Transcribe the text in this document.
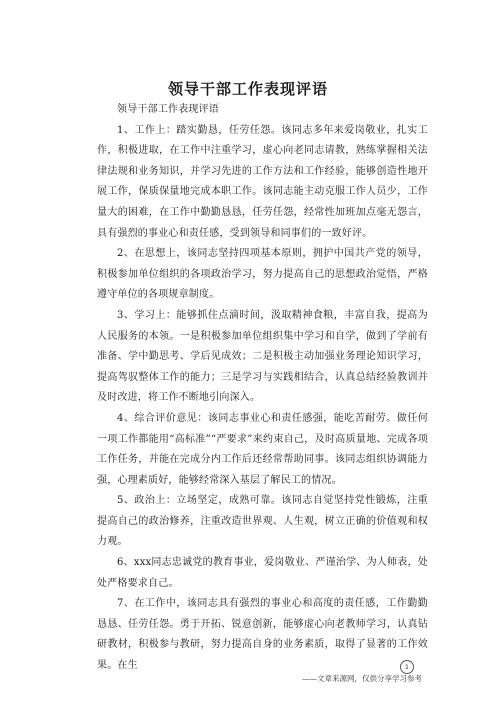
领导干部工作表现评语

领导干部工作表现评语

1、工作上：踏实勤恳，任劳任怨。该同志多年来爱岗敬业，扎实工作，积极进取，在工作中注重学习，虚心向老同志请教，熟练掌握相关法律法规和业务知识，并学习先进的工作方法和工作经验，能够创造性地开展工作，保质保量地完成本职工作。该同志能主动克服工作人员少，工作量大的困难，在工作中勤勤恳恳，任劳任怨，经常性加班加点毫无怨言，具有强烈的事业心和责任感，受到领导和同事们的一致好评。

2、在思想上，该同志坚持四项基本原则，拥护中国共产党的领导，积极参加单位组织的各项政治学习，努力提高自己的思想政治觉悟，严格遵守单位的各项规章制度。

3、学习上：能够抓住点滴时间，汲取精神食粮，丰富自我，提高为人民服务的本领。一是积极参加单位组织集中学习和自学，做到了学前有准备、学中勤思考、学后见成效；二是积极主动加强业务理论知识学习，提高驾驭整体工作的能力；三是学习与实践相结合，认真总结经验教训并及时改进，将工作不断地引向深入。

4、综合评价意见：该同志事业心和责任感强，能吃苦耐劳。做任何一项工作都能用“高标准”“严要求”来约束自己，及时高质量地、完成各项工作任务，并能在完成分内工作后还经常帮助同事。该同志组织协调能力强，心理素质好，能够经常深入基层了解民工的情况。

5、政治上：立场坚定，成熟可靠。该同志自觉坚持党性锻炼，注重提高自己的政治修养，注重改造世界观、人生观，树立正确的价值观和权力观。

6、xxx同志忠诚党的教育事业，爱岗敬业、严谨治学、为人师表，处处严格要求自己。

7、在工作中，该同志具有强烈的事业心和高度的责任感，工作勤勤恳恳、任劳任怨。勇于开拓、锐意创新，能够虚心向老教师学习，认真钻研教材，积极参与教研，努力提高自身的业务素质，取得了显著的工作效果。在生	1
——文章来源网，仅供分享学习参考
